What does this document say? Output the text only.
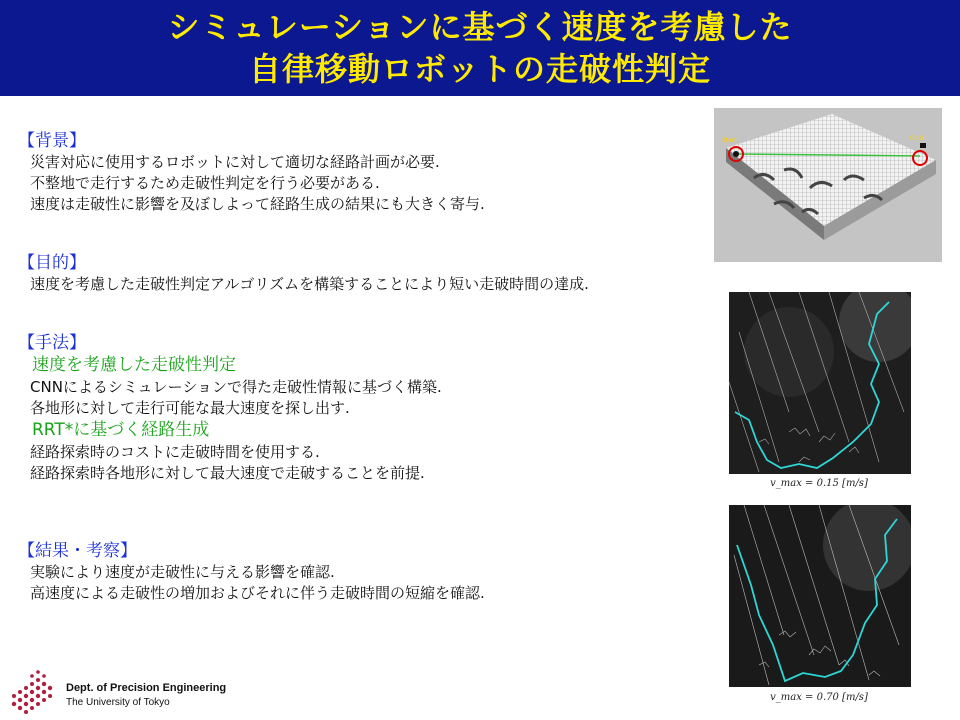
シミュレーションに基づく速度を考慮した
自律移動ロボットの走破性判定
【背景】
災害対応に使用するロボットに対して適切な経路計画が必要.
不整地で走行するため走破性判定を行う必要がある.
速度は走破性に影響を及ぼしよって経路生成の結果にも大きく寄与.
【目的】
速度を考慮した走破性判定アルゴリズムを構築することにより短い走破時間の達成.
【手法】
速度を考慮した走破性判定
CNNによるシミュレーションで得た走破性情報に基づく構築.
各地形に対して走行可能な最大速度を探し出す.
RRT*に基づく経路生成
経路探索時のコストに走破時間を使用する.
経路探索時各地形に対して最大速度で走破することを前提.
【結果・考察】
実験により速度が走破性に与える影響を確認.
高速度による走破性の増加およびそれに伴う走破時間の短縮を確認.
Start	Goal
v_max = 0.15 [m/s]
v_max = 0.70 [m/s]
Dept. of Precision Engineering
The University of Tokyo
